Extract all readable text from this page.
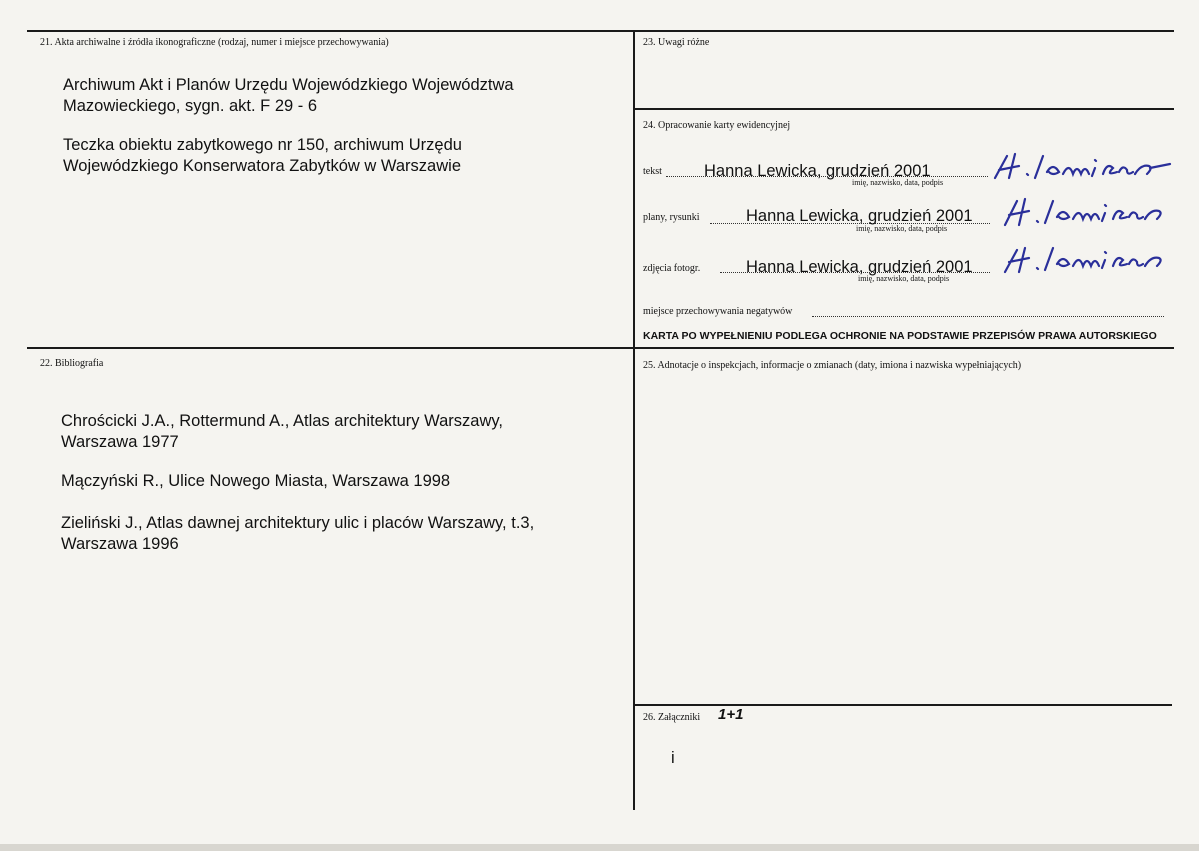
21. Akta archiwalne i źródła ikonograficzne (rodzaj, numer i miejsce przechowywania)
Archiwum Akt i Planów Urzędu Wojewódzkiego Województwa
Mazowieckiego, sygn. akt. F 29 - 6
Teczka obiektu zabytkowego nr 150, archiwum Urzędu
Wojewódzkiego Konserwatora Zabytków w Warszawie
22. Bibliografia
Chrościcki J.A., Rottermund A., Atlas architektury Warszawy,
Warszawa 1977
Mączyński R., Ulice Nowego Miasta, Warszawa 1998
Zieliński J., Atlas dawnej architektury ulic i placów Warszawy, t.3,
Warszawa 1996
23. Uwagi różne
24. Opracowanie karty ewidencyjnej
tekst	Hanna Lewicka, grudzień 2001
imię, nazwisko, data, podpis
plany, rysunki	Hanna Lewicka, grudzień 2001
imię, nazwisko, data, podpis
zdjęcia fotogr.	Hanna Lewicka, grudzień 2001
imię, nazwisko, data, podpis
miejsce przechowywania negatywów
KARTA PO WYPEŁNIENIU PODLEGA OCHRONIE NA PODSTAWIE PRZEPISÓW PRAWA AUTORSKIEGO
25. Adnotacje o inspekcjach, informacje o zmianach (daty, imiona i nazwiska wypełniających)
26. Załączniki 1+1
i
